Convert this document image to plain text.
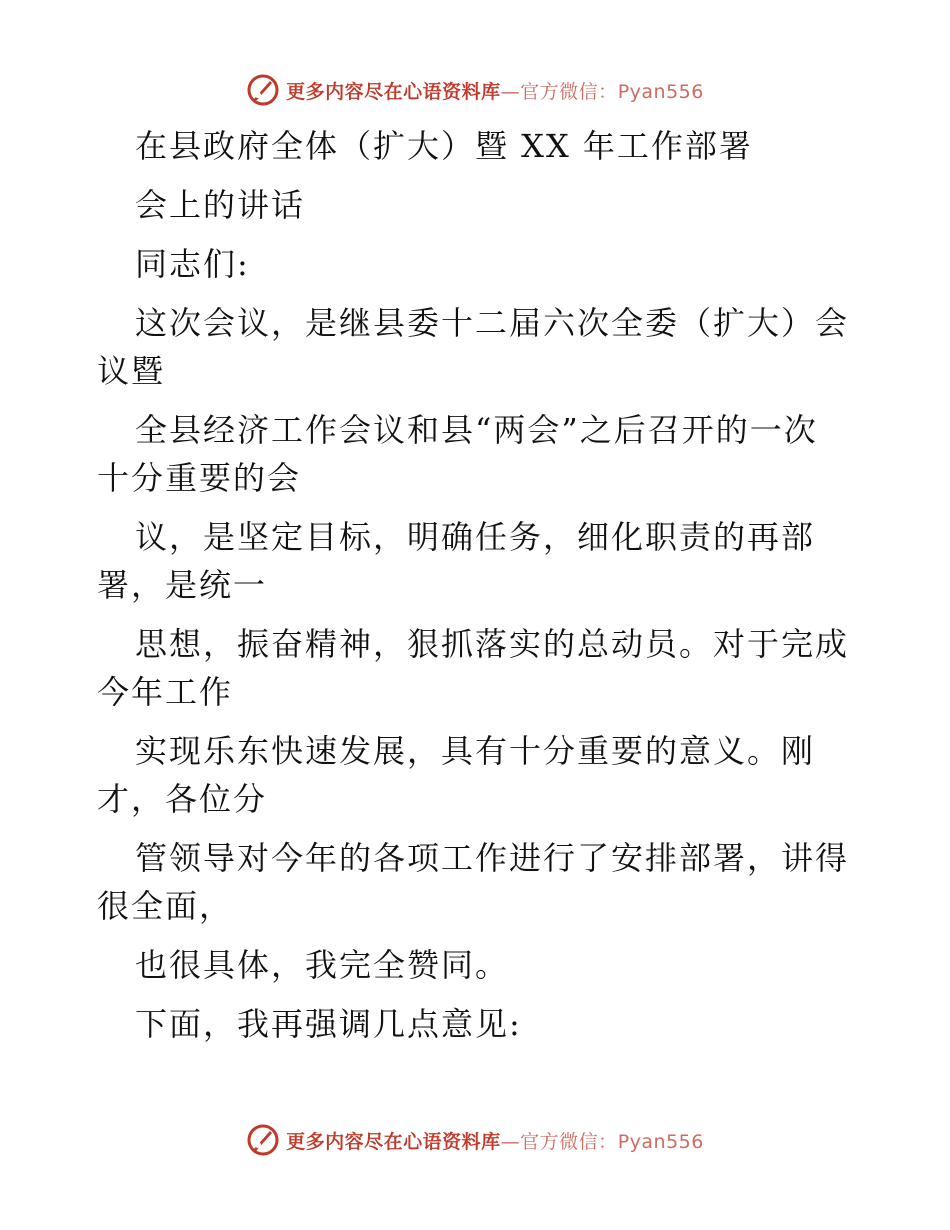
更多内容尽在心语资料库—官方微信：Pyan556
在县政府全体（扩大）暨 XX 年工作部署
会上的讲话
同志们:
这次会议，是继县委十二届六次全委（扩大）会
议暨
全县经济工作会议和县“两会”之后召开的一次
十分重要的会
议，是坚定目标，明确任务，细化职责的再部
署，是统一
思想，振奋精神，狠抓落实的总动员。对于完成
今年工作
实现乐东快速发展，具有十分重要的意义。刚
才，各位分
管领导对今年的各项工作进行了安排部署，讲得
很全面，
也很具体，我完全赞同。
下面，我再强调几点意见:
更多内容尽在心语资料库—官方微信：Pyan556
